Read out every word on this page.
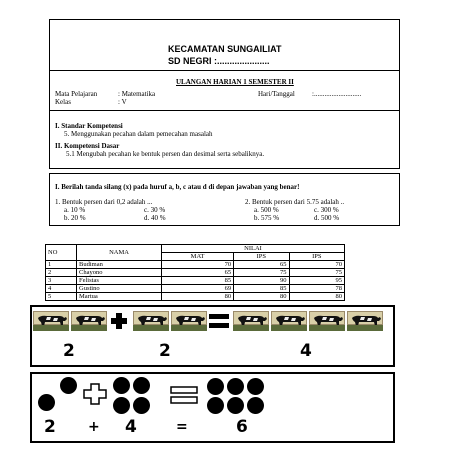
KECAMATAN SUNGAILIAT
SD NEGRI :.....................
ULANGAN HARIAN 1 SEMESTER II
Mata Pelajaran	: Matematika	Hari/Tanggal :...........................
Kelas	: V
I. Standar Kompetensi
5. Menggunakan pecahan dalam pemecahan masalah
II. Kompetensi Dasar
5.1 Mengubah pecahan ke bentuk persen dan desimal serta sebaliknya.
I. Berilah tanda silang (x) pada huruf a, b, c atau d di depan jawaban yang benar!
1. Bentuk persen dari 0,2 adalah ...
a. 10 %	c. 30 %
b. 20 %	d. 40 %
2. Bentuk persen dari 5.75 adalah ..
a. 500 %	c. 300 %
b. 575 %	d. 500 %
NO	NAMA	NILAI		
		MAT	IPS	IPS
1	Budiman	70	65	70
2	Chayono	65	75	75
3	Felistas	85	90	95
4	Gustino	69	85	78
5	Martua	80	80	80
2	2	4
2 + 4	=	6
